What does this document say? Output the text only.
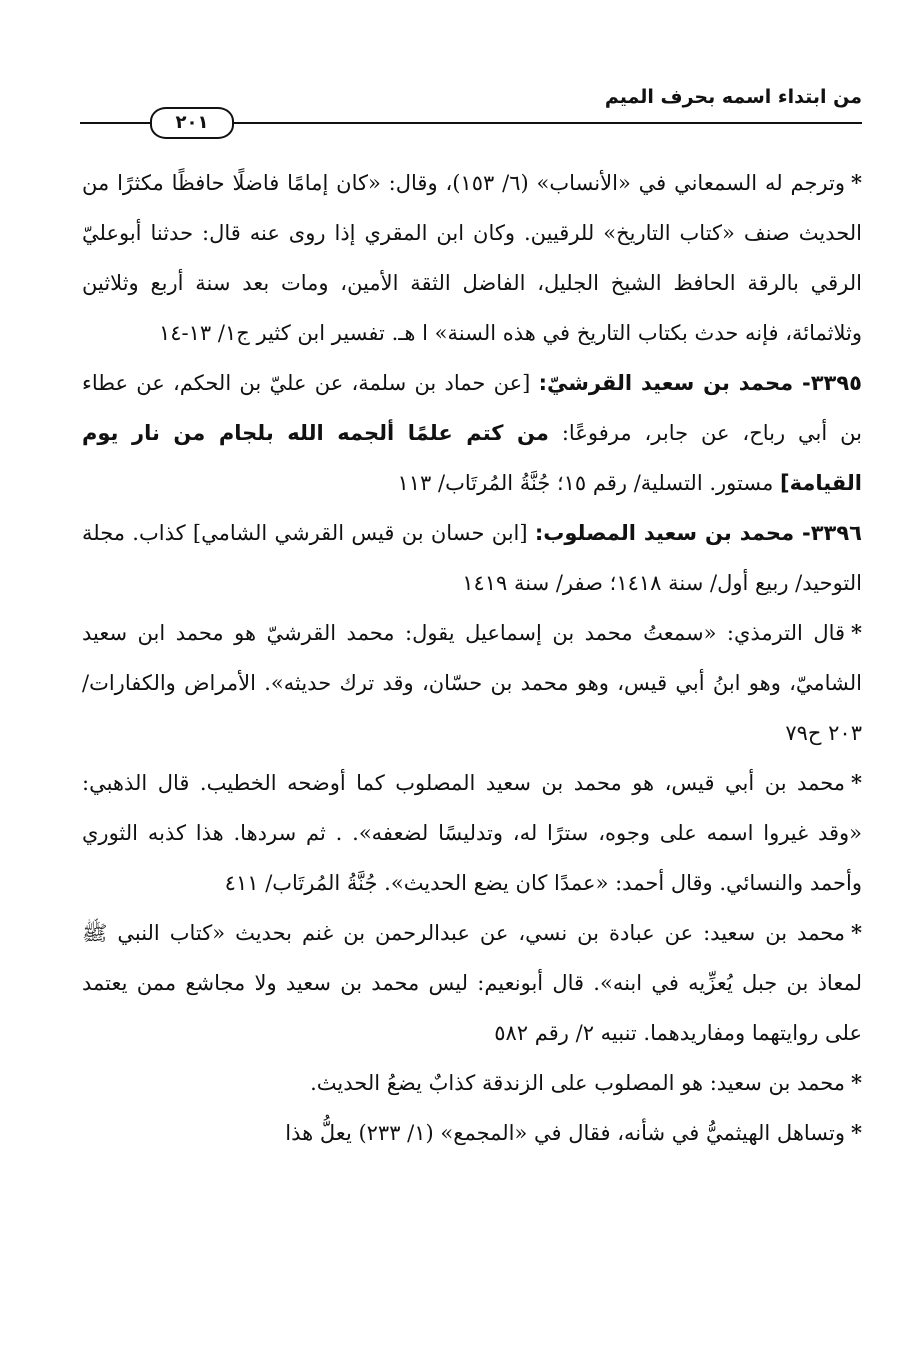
من ابتداء اسمه بحرف الميم
٢٠١

*وترجم له السمعاني في «الأنساب» (٦/ ١٥٣)، وقال: «كان إمامًا فاضلًا حافظًا مكثرًا من الحديث صنف «كتاب التاريخ» للرقيين. وكان ابن المقري إذا روى عنه قال: حدثنا أبوعليّ الرقي بالرقة الحافظ الشيخ الجليل، الفاضل الثقة الأمين، ومات بعد سنة أربع وثلاثين وثلاثمائة، فإنه حدث بكتاب التاريخ في هذه السنة» ا هـ. تفسير ابن كثير ج١/ ١٣-١٤

٣٣٩٥- محمد بن سعيد القرشيّ: [عن حماد بن سلمة، عن عليّ بن الحكم، عن عطاء بن أبي رباح، عن جابر، مرفوعًا: من كتم علمًا ألجمه الله بلجام من نار يوم القيامة] مستور. التسلية/ رقم ١٥؛ جُنَّةُ المُرتَاب/ ١١٣

٣٣٩٦- محمد بن سعيد المصلوب: [ابن حسان بن قيس القرشي الشامي] كذاب. مجلة التوحيد/ ربيع أول/ سنة ١٤١٨؛ صفر/ سنة ١٤١٩

*قال الترمذي: «سمعتُ محمد بن إسماعيل يقول: محمد القرشيّ هو محمد ابن سعيد الشاميّ، وهو ابنُ أبي قيس، وهو محمد بن حسّان، وقد ترك حديثه». الأمراض والكفارات/ ٢٠٣ ح٧٩

*محمد بن أبي قيس، هو محمد بن سعيد المصلوب كما أوضحه الخطيب. قال الذهبي: «وقد غيروا اسمه على وجوه، سترًا له، وتدليسًا لضعفه». . ثم سردها. هذا كذبه الثوري وأحمد والنسائي. وقال أحمد: «عمدًا كان يضع الحديث». جُنَّةُ المُرتَاب/ ٤١١

*محمد بن سعيد: عن عبادة بن نسي، عن عبدالرحمن بن غنم بحديث «كتاب النبي ﷺ لمعاذ بن جبل يُعزِّيه في ابنه». قال أبونعيم: ليس محمد بن سعيد ولا مجاشع ممن يعتمد على روايتهما ومفاريدهما. تنبيه ٢/ رقم ٥٨٢

*محمد بن سعيد: هو المصلوب على الزندقة كذابٌ يضعُ الحديث.

*وتساهل الهيثميُّ في شأنه، فقال في «المجمع» (١/ ٢٣٣) يعلُّ هذا
